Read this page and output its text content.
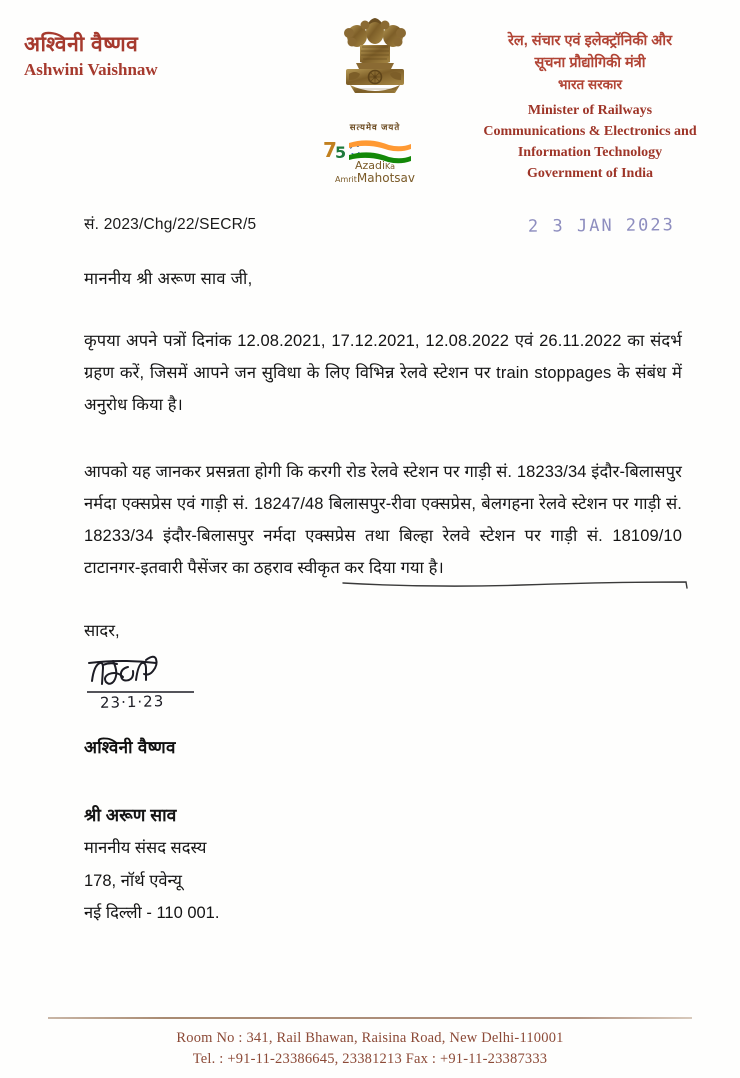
अश्विनी वैष्णव
Ashwini Vaishnaw
सत्यमेव जयते
7
5
AzadiKa
AmritMahotsav
रेल, संचार एवं इलेक्ट्रॉनिकी और
सूचना प्रौद्योगिकी मंत्री
भारत सरकार
Minister of Railways
Communications & Electronics and
Information Technology
Government of India
सं. 2023/Chg/22/SECR/5	2 3 JAN 2023
माननीय श्री अरूण साव जी,
कृपया अपने पत्रों दिनांक 12.08.2021, 17.12.2021, 12.08.2022 एवं 26.11.2022 का संदर्भ ग्रहण करें, जिसमें आपने जन सुविधा के लिए विभिन्न रेलवे स्टेशन पर train stoppages के संबंध में अनुरोध किया है।
आपको यह जानकर प्रसन्नता होगी कि करगी रोड रेलवे स्टेशन पर गाड़ी सं. 18233/34 इंदौर-बिलासपुर नर्मदा एक्सप्रेस एवं गाड़ी सं. 18247/48 बिलासपुर-रीवा एक्सप्रेस, बेलगहना रेलवे स्टेशन पर गाड़ी सं. 18233/34 इंदौर-बिलासपुर नर्मदा एक्सप्रेस तथा बिल्हा रेलवे स्टेशन पर गाड़ी सं. 18109/10 टाटानगर-इतवारी पैसेंजर का ठहराव स्वीकृत कर दिया गया है।
सादर,
23·1·23
अश्विनी वैष्णव
श्री अरूण साव
माननीय संसद सदस्य
178, नॉर्थ एवेन्यू
नई दिल्ली - 110 001.
Room No : 341, Rail Bhawan, Raisina Road, New Delhi-110001
Tel. : +91-11-23386645, 23381213 Fax : +91-11-23387333
